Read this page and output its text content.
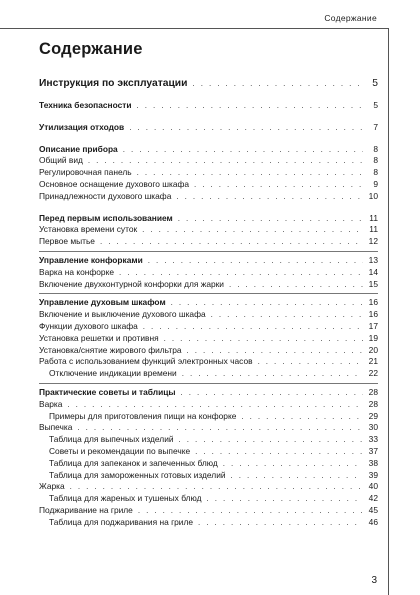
Содержание
Содержание
Инструкция по эксплуатации . . .	5
Техника безопасности . . .	5
Утилизация отходов . . .	7
Описание прибора . . .	8
Общий вид . . .	8
Регулировочная панель . . .	8
Основное оснащение духового шкафа . . .	9
Принадлежности духового шкафа . . .	10
Перед первым использованием . . .	11
Установка времени суток . . .	11
Первое мытье . . .	12
Управление конфорками . . .	13
Варка на конфорке . . .	14
Включение двухконтурной конфорки для жарки . . .	15
Управление духовым шкафом . . .	16
Включение и выключение духового шкафа . . .	16
Функции духового шкафа . . .	17
Установка решетки и противня . . .	19
Установка/снятие жирового фильтра . . .	20
Работа с использованием функций электронных часов . . .	21
Отключение индикации времени . . .	22
Практические советы и таблицы . . .	28
Варка . . .	28
Примеры для приготовления пищи на конфорке . . .	29
Выпечка . . .	30
Таблица для выпечных изделий . . .	33
Советы и рекомендации по выпечке . . .	37
Таблица для запеканок и запеченных блюд . . .	38
Таблица для замороженных готовых изделий . . .	39
Жарка . . .	40
Таблица для жареных и тушеных блюд . . .	42
Поджаривание на гриле . . .	45
Таблица для поджаривания на гриле . . .	46
3
